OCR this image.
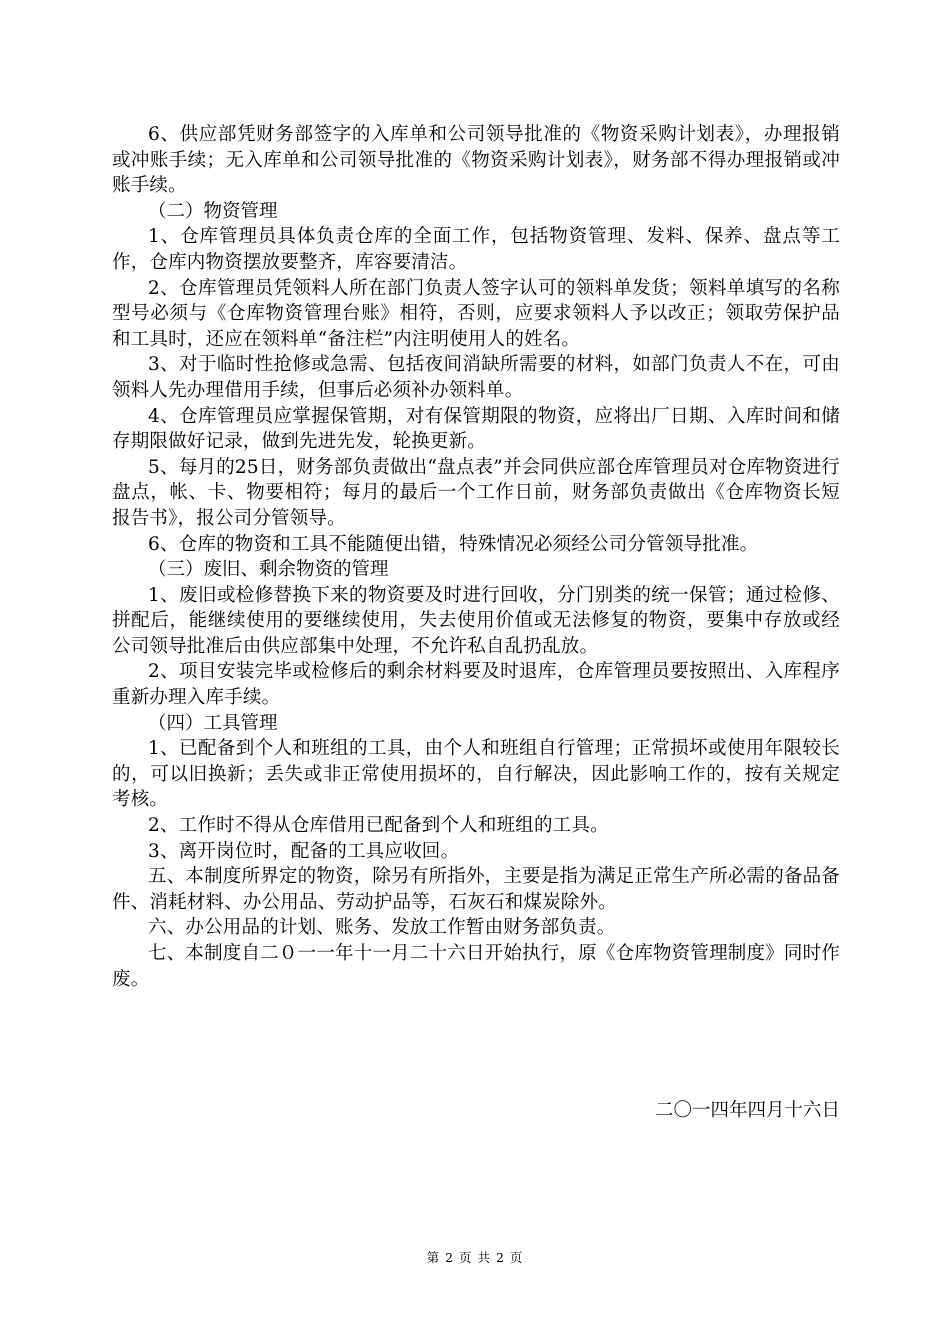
6、供应部凭财务部签字的入库单和公司领导批准的《物资采购计划表》，办理报销或冲账手续；无入库单和公司领导批准的《物资采购计划表》，财务部不得办理报销或冲账手续。

（二）物资管理

1、仓库管理员具体负责仓库的全面工作，包括物资管理、发料、保养、盘点等工作，仓库内物资摆放要整齐，库容要清洁。

2、仓库管理员凭领料人所在部门负责人签字认可的领料单发货；领料单填写的名称型号必须与《仓库物资管理台账》相符，否则，应要求领料人予以改正；领取劳保护品和工具时，还应在领料单“备注栏”内注明使用人的姓名。

3、对于临时性抢修或急需、包括夜间消缺所需要的材料，如部门负责人不在，可由领料人先办理借用手续，但事后必须补办领料单。

4、仓库管理员应掌握保管期，对有保管期限的物资，应将出厂日期、入库时间和储存期限做好记录，做到先进先发，轮换更新。

5、每月的25日，财务部负责做出“盘点表”并会同供应部仓库管理员对仓库物资进行盘点，帐、卡、物要相符；每月的最后一个工作日前，财务部负责做出《仓库物资长短报告书》，报公司分管领导。

6、仓库的物资和工具不能随便出错，特殊情况必须经公司分管领导批准。

（三）废旧、剩余物资的管理

1、废旧或检修替换下来的物资要及时进行回收，分门别类的统一保管；通过检修、拼配后，能继续使用的要继续使用，失去使用价值或无法修复的物资，要集中存放或经公司领导批准后由供应部集中处理，不允许私自乱扔乱放。

2、项目安装完毕或检修后的剩余材料要及时退库，仓库管理员要按照出、入库程序重新办理入库手续。

（四）工具管理

1、已配备到个人和班组的工具，由个人和班组自行管理；正常损坏或使用年限较长的，可以旧换新；丢失或非正常使用损坏的，自行解决，因此影响工作的，按有关规定考核。

2、工作时不得从仓库借用已配备到个人和班组的工具。

3、离开岗位时，配备的工具应收回。

五、本制度所界定的物资，除另有所指外，主要是指为满足正常生产所必需的备品备件、消耗材料、办公用品、劳动护品等，石灰石和煤炭除外。

六、办公用品的计划、账务、发放工作暂由财务部负责。

七、本制度自二０一一年十一月二十六日开始执行，原《仓库物资管理制度》同时作废。

二〇一四年四月十六日
第 2 页 共 2 页
